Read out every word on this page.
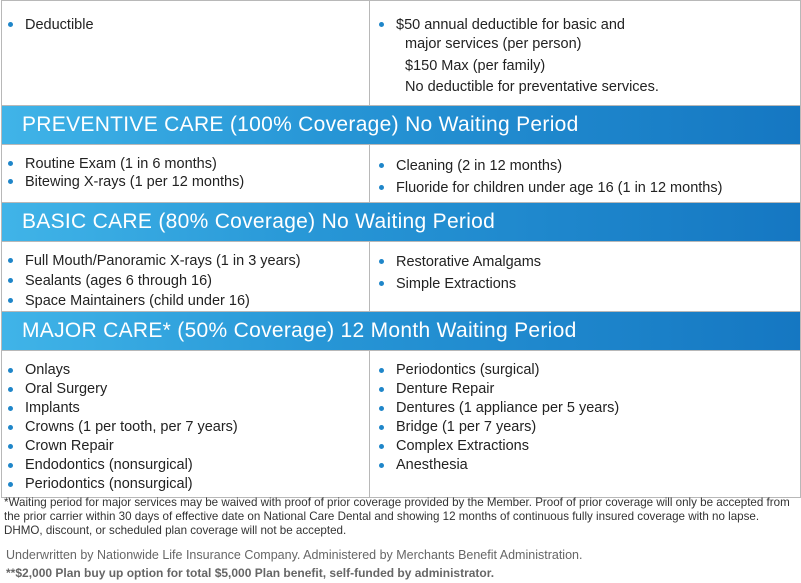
Deductible	$50 annual deductible for basic and
major services (per person)
$150 Max (per family)
No deductible for preventative services.
PREVENTIVE CARE (100% Coverage) No Waiting Period
Routine Exam (1 in 6 months)
Bitewing X-rays (1 per 12 months)
Cleaning (2 in 12 months)
Fluoride for children under age 16 (1 in 12 months)
BASIC CARE (80% Coverage) No Waiting Period
Full Mouth/Panoramic X-rays (1 in 3 years)
Sealants (ages 6 through 16)
Space Maintainers (child under 16)
Restorative Amalgams
Simple Extractions
MAJOR CARE* (50% Coverage) 12 Month Waiting Period
Onlays
Oral Surgery
Implants
Crowns (1 per tooth, per 7 years)
Crown Repair
Endodontics (nonsurgical)
Periodontics (nonsurgical)
Periodontics (surgical)
Denture Repair
Dentures (1 appliance per 5 years)
Bridge (1 per 7 years)
Complex Extractions
Anesthesia
*Waiting period for major services may be waived with proof of prior coverage provided by the Member. Proof of prior coverage will only be accepted from the prior carrier within 30 days of effective date on National Care Dental and showing 12 months of continuous fully insured coverage with no lapse. DHMO, discount, or scheduled plan coverage will not be accepted.
Underwritten by Nationwide Life Insurance Company. Administered by Merchants Benefit Administration.
**$2,000 Plan buy up option for total $5,000 Plan benefit, self-funded by administrator.
